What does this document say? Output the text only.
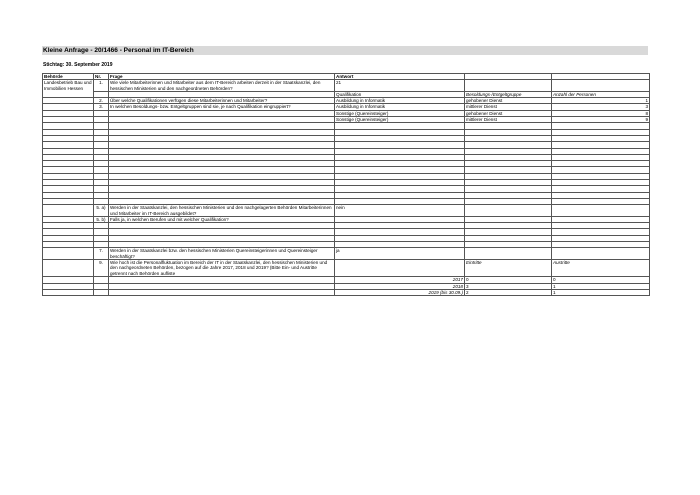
Kleine Anfrage - 20/1466 - Personal im IT-Bereich
Stichtag: 30. September 2019
Behörde	Nr.	Frage	Antwort		
Landesbetrieb Bau und Immobilien Hessen	1.	Wie viele Mitarbeiterinnen und Mitarbeiter aus dem IT-Bereich arbeiten derzeit in der Staatskanzlei, den hessischen Ministerien und den nachgeordneten Behörden?	21		
			Qualifikation	Besoldungs-/Entgeltgruppe	Anzahl der Personen
	2.	Über welche Qualifikationen verfügen diese Mitarbeiterinnen und Mitarbeiter?	Ausbildung in Informatik	gehobener Dienst	1
	3.	In welchen Besoldungs- bzw. Entgeltgruppen sind sie, je nach Qualifikation eingruppiert?	Ausbildung in Informatik	mittlerer Dienst	3
			Sonstige (Quereinsteiger)	gehobener Dienst	8
			Sonstige (Quereinsteiger)	mittlerer Dienst	9

	5. a)	Werden in der Staatskanzlei, den hessischen Ministerien und den nachgelagerten Behörden Mitarbeiterinnen und Mitarbeiter im IT-Bereich ausgebildet?	nein		
	5. b)	Falls ja, in welchen Berufen und mit welcher Qualifikation?			

	7.	Werden in der Staatskanzlei bzw. den hessischen Ministerien Quereinsteigerinnen und Quereinsteiger beschäftigt?	ja		
	9.	Wie hoch ist die Personalfluktuation im Bereich der IT in der Staatskanzlei, den hessischen Ministerien und den nachgeordneten Behörden, bezogen auf die Jahre 2017, 2018 und 2019? (Bitte Ein- und Austritte getrennt nach Behörden aufliste		Eintritte	Austritte
			2017	0	0
			2018	3	1
			2019 (bis 30.09.)	2	1
